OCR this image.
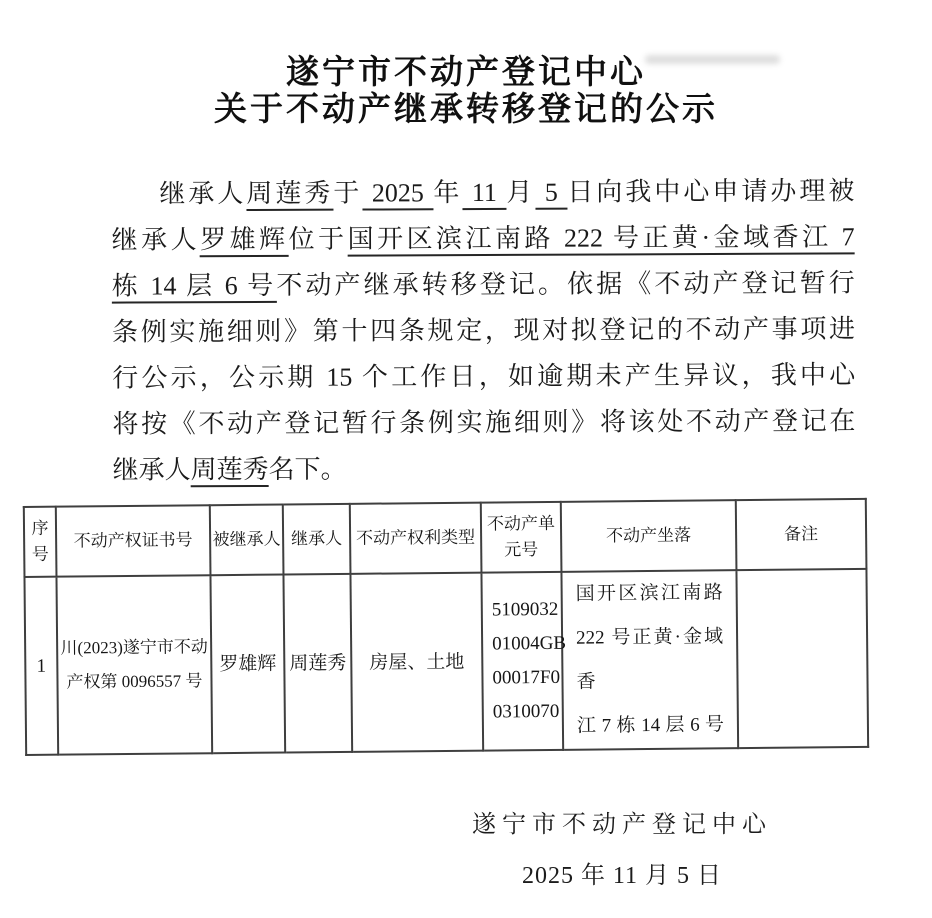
遂宁市不动产登记中心
关于不动产继承转移登记的公示

继承人周莲秀于 2025 年 11 月 5 日向我中心申请办理被

继承人罗雄辉位于国开区滨江南路 222 号正黄·金域香江 7

栋 14 层 6 号不动产继承转移登记。依据《不动产登记暂行

条例实施细则》第十四条规定，现对拟登记的不动产事项进

行公示，公示期 15 个工作日，如逾期未产生异议，我中心

将按《不动产登记暂行条例实施细则》将该处不动产登记在

继承人周莲秀名下。

序
号	不动产权证书号	被继承人	继承人	不动产权利类型	不动产单
元号	不动产坐落	备注
1	川(2023)遂宁市不动
产权第 0096557 号	罗雄辉	周莲秀	房屋、土地	5109032
01004GB
00017F0
0310070	国开区滨江南路
222 号正黄·金域香
江 7 栋 14 层 6 号	
遂宁市不动产登记中心
2025 年 11 月 5 日
